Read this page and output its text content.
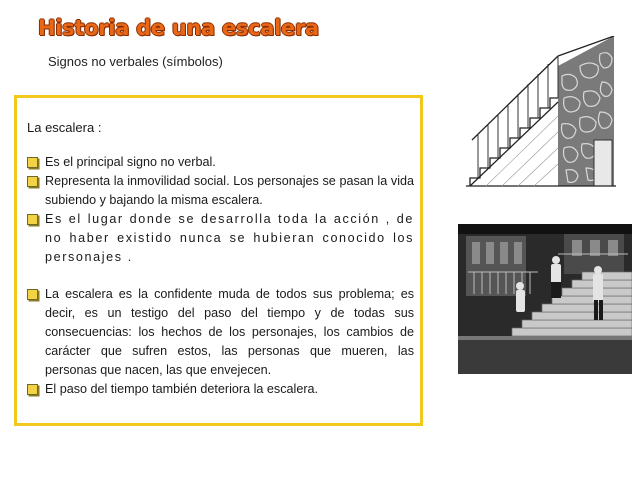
Historia de una escalera
Signos no verbales (símbolos)

La escalera :

Es el principal signo no verbal.
Representa la inmovilidad social. Los personajes se pasan la vida subiendo y bajando la misma escalera.
Es el lugar donde se desarrolla toda la acción , de no haber existido nunca se hubieran conocido los personajes .
La escalera es la confidente muda de todos sus problema; es decir, es un testigo del paso del tiempo y de todas sus consecuencias: los hechos de los personajes, los cambios de carácter que sufren estos, las personas que mueren, las personas que nacen, las que envejecen.
El paso del tiempo también deteriora la escalera.
